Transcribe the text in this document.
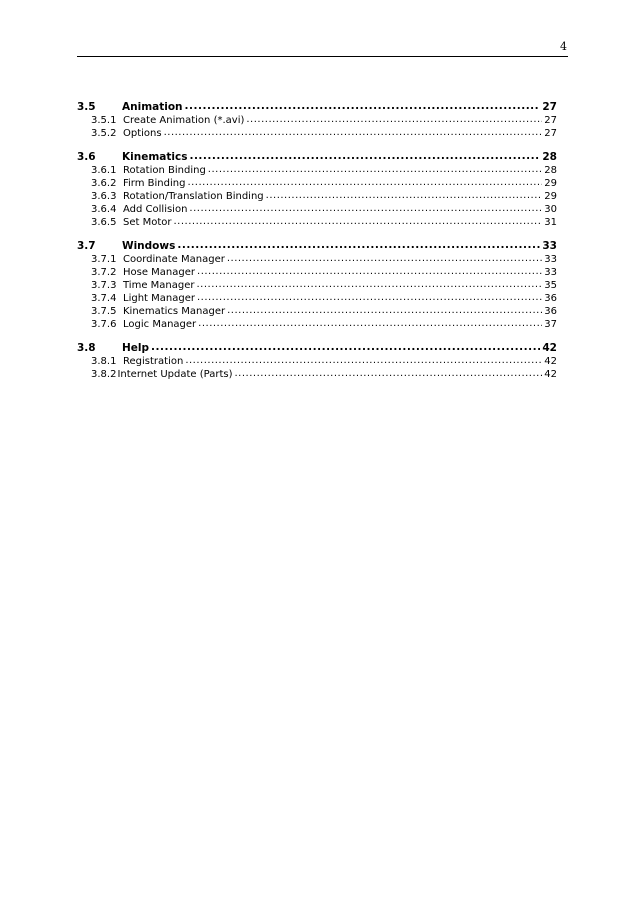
4
3.5	Animation .....	27
3.5.1 Create Animation (*.avi) .....	27
3.5.2 Options .....	27
3.6	Kinematics .....	28
3.6.1 Rotation Binding .....	28
3.6.2 Firm Binding .....	29
3.6.3 Rotation/Translation Binding .....	29
3.6.4 Add Collision .....	30
3.6.5 Set Motor .....	31
3.7	Windows .....	33
3.7.1 Coordinate Manager .....	33
3.7.2 Hose Manager .....	33
3.7.3 Time Manager .....	35
3.7.4 Light Manager .....	36
3.7.5 Kinematics Manager .....	36
3.7.6 Logic Manager .....	37
3.8	Help .....	42
3.8.1 Registration .....	42
3.8.2 Internet Update (Parts) .....	42
